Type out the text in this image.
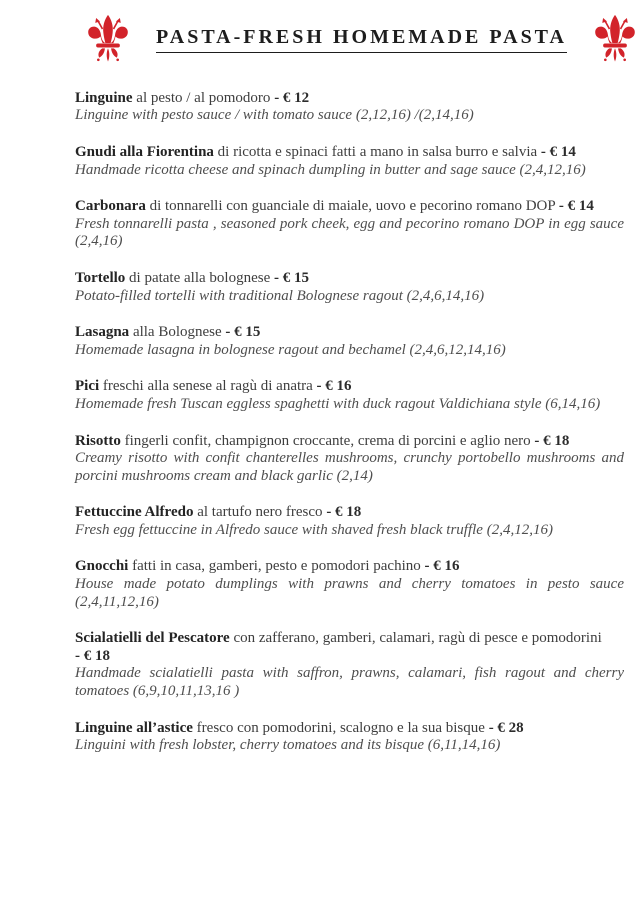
PASTA-FRESH HOMEMADE PASTA

Linguine al pesto / al pomodoro - € 12

Linguine with pesto sauce / with tomato sauce (2,12,16) /(2,14,16)

Gnudi alla Fiorentina di ricotta e spinaci fatti a mano in salsa burro e salvia - € 14

Handmade ricotta cheese and spinach dumpling in butter and sage sauce (2,4,12,16)

Carbonara di tonnarelli con guanciale di maiale, uovo e pecorino romano DOP - € 14

Fresh tonnarelli pasta , seasoned pork cheek, egg and pecorino romano DOP in egg sauce (2,4,16)

Tortello di patate alla bolognese - € 15

Potato-filled tortelli with traditional Bolognese ragout (2,4,6,14,16)

Lasagna alla Bolognese - € 15

Homemade lasagna in bolognese ragout and bechamel (2,4,6,12,14,16)

Pici freschi alla senese al ragù di anatra - € 16

Homemade fresh Tuscan eggless spaghetti with duck ragout Valdichiana style (6,14,16)

Risotto fingerli confit, champignon croccante, crema di porcini e aglio nero - € 18

Creamy risotto with confit chanterelles mushrooms, crunchy portobello mushrooms and porcini mushrooms cream and black garlic (2,14)

Fettuccine Alfredo al tartufo nero fresco - € 18

Fresh egg fettuccine in Alfredo sauce with shaved fresh black truffle (2,4,12,16)

Gnocchi fatti in casa, gamberi, pesto e pomodori pachino - € 16

House made potato dumplings with prawns and cherry tomatoes in pesto sauce (2,4,11,12,16)

Scialatielli del Pescatore con zafferano, gamberi, calamari, ragù di pesce e pomodorini - € 18

Handmade scialatielli pasta with saffron, prawns, calamari, fish ragout and cherry tomatoes (6,9,10,11,13,16 )

Linguine all’astice fresco con pomodorini, scalogno e la sua bisque - € 28

Linguini with fresh lobster, cherry tomatoes and its bisque (6,11,14,16)
